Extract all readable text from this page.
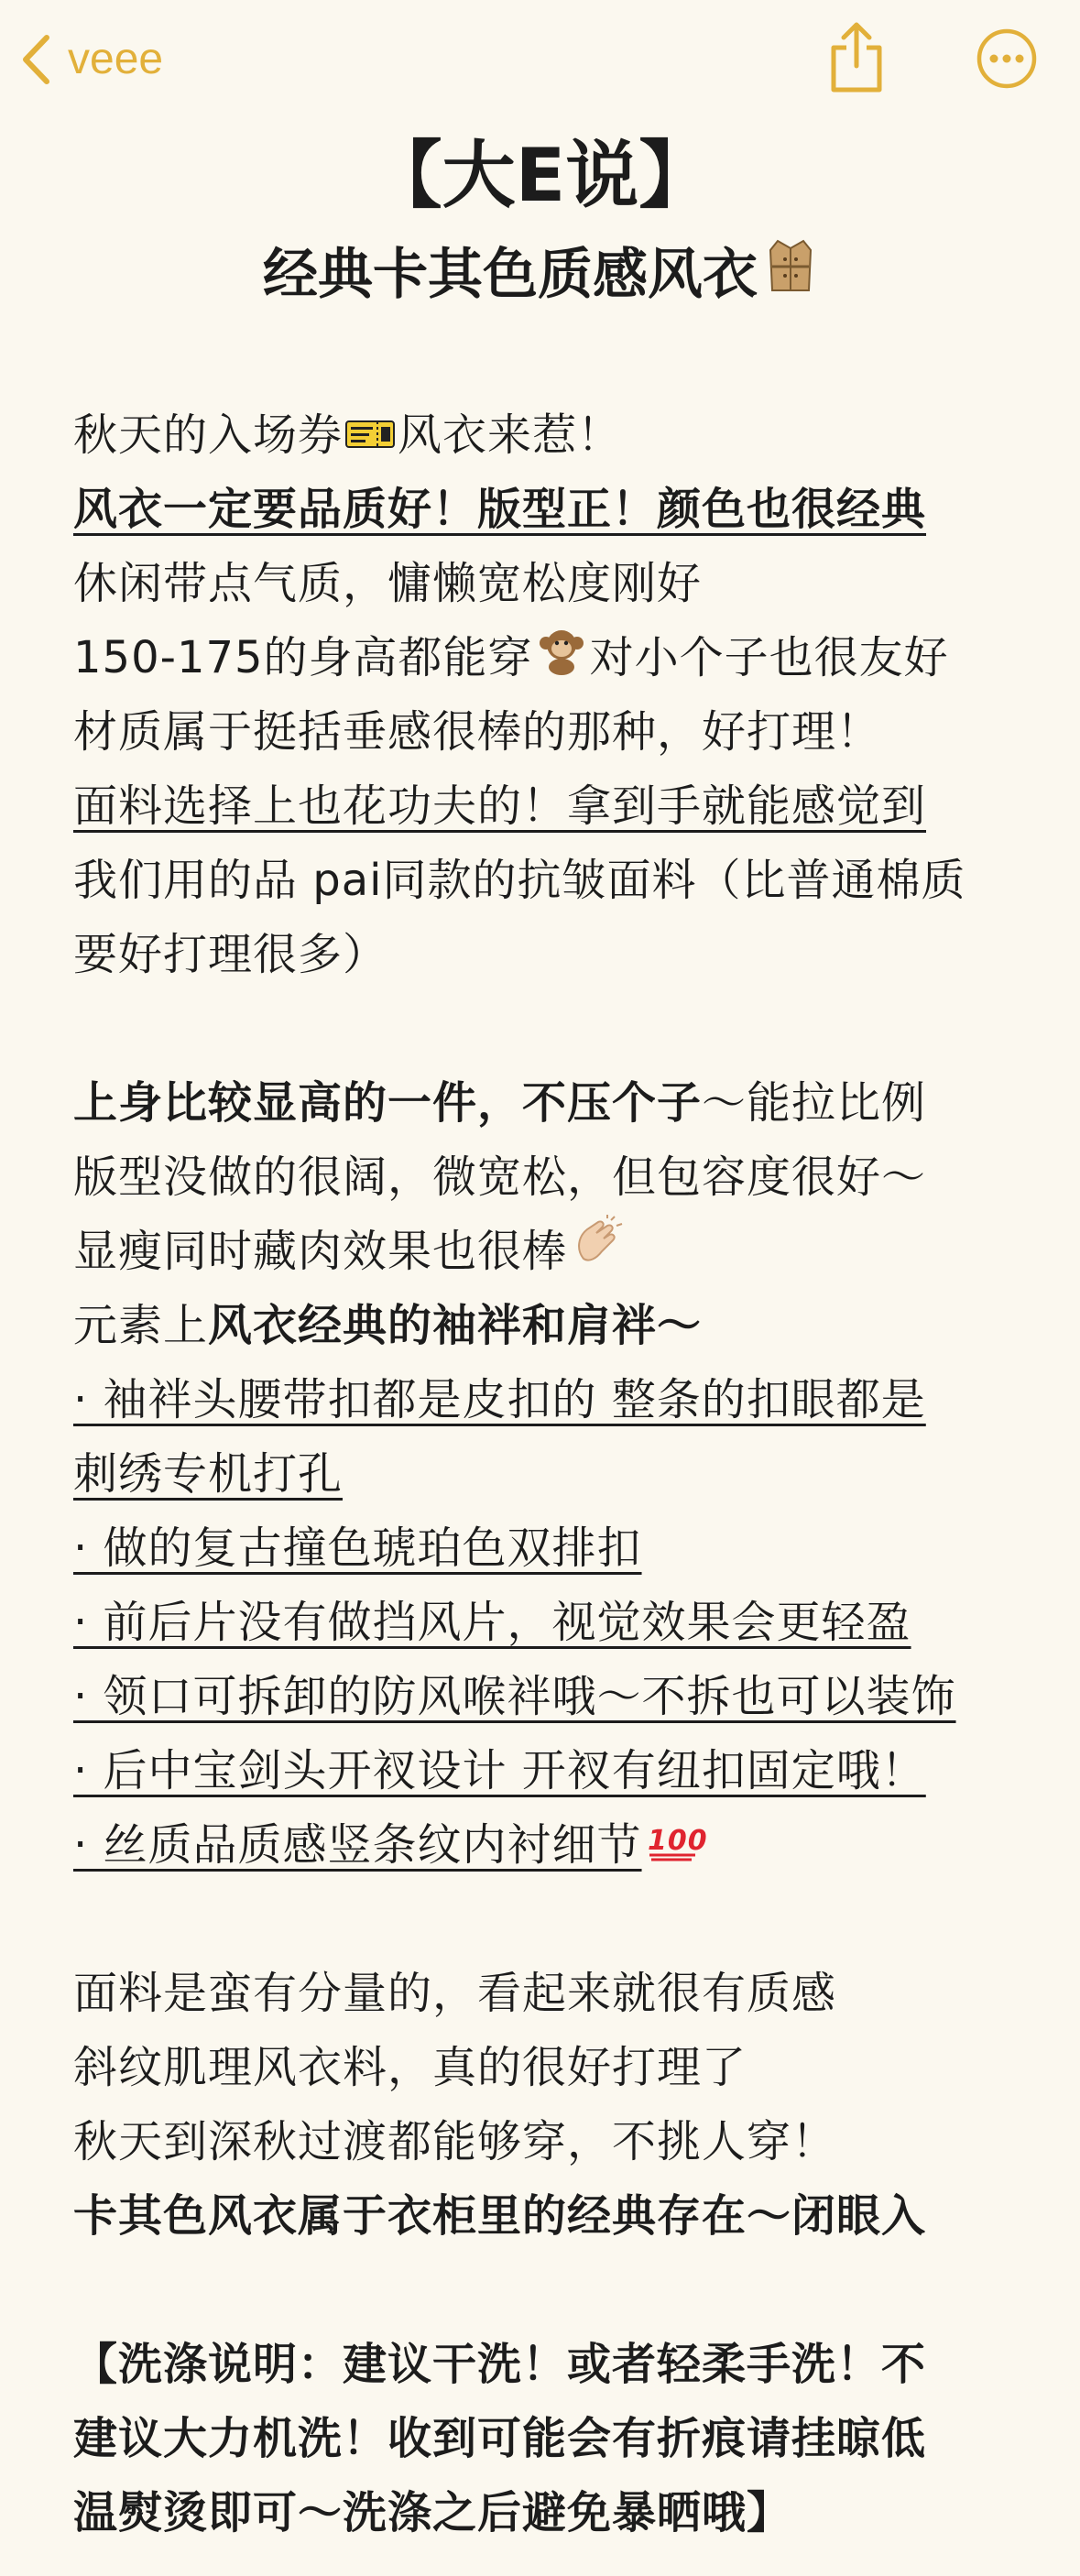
veee
【大E说】
经典卡其色质感风衣
秋天的入场券 风衣来惹！
风衣一定要品质好！版型正！颜色也很经典
休闲带点气质，慵懒宽松度刚好
150-175的身高都能穿 对小个子也很友好
材质属于挺括垂感很棒的那种，好打理！
面料选择上也花功夫的！拿到手就能感觉到
我们用的品 pai同款的抗皱面料（比普通棉质
要好打理很多）
上身比较显高的一件，不压个子～能拉比例
版型没做的很阔，微宽松，但包容度很好～
显瘦同时藏肉效果也很棒
元素上风衣经典的袖袢和肩袢～
· 袖袢头腰带扣都是皮扣的 整条的扣眼都是
刺绣专机打孔
· 做的复古撞色琥珀色双排扣
· 前后片没有做挡风片，视觉效果会更轻盈
· 领口可拆卸的防风喉袢哦～不拆也可以装饰
· 后中宝剑头开衩设计 开衩有纽扣固定哦！
· 丝质品质感竖条纹内衬细节 100
面料是蛮有分量的，看起来就很有质感
斜纹肌理风衣料，真的很好打理了
秋天到深秋过渡都能够穿，不挑人穿！
卡其色风衣属于衣柜里的经典存在～闭眼入
【洗涤说明：建议干洗！或者轻柔手洗！不
建议大力机洗！收到可能会有折痕请挂晾低
温熨烫即可～洗涤之后避免暴晒哦】
